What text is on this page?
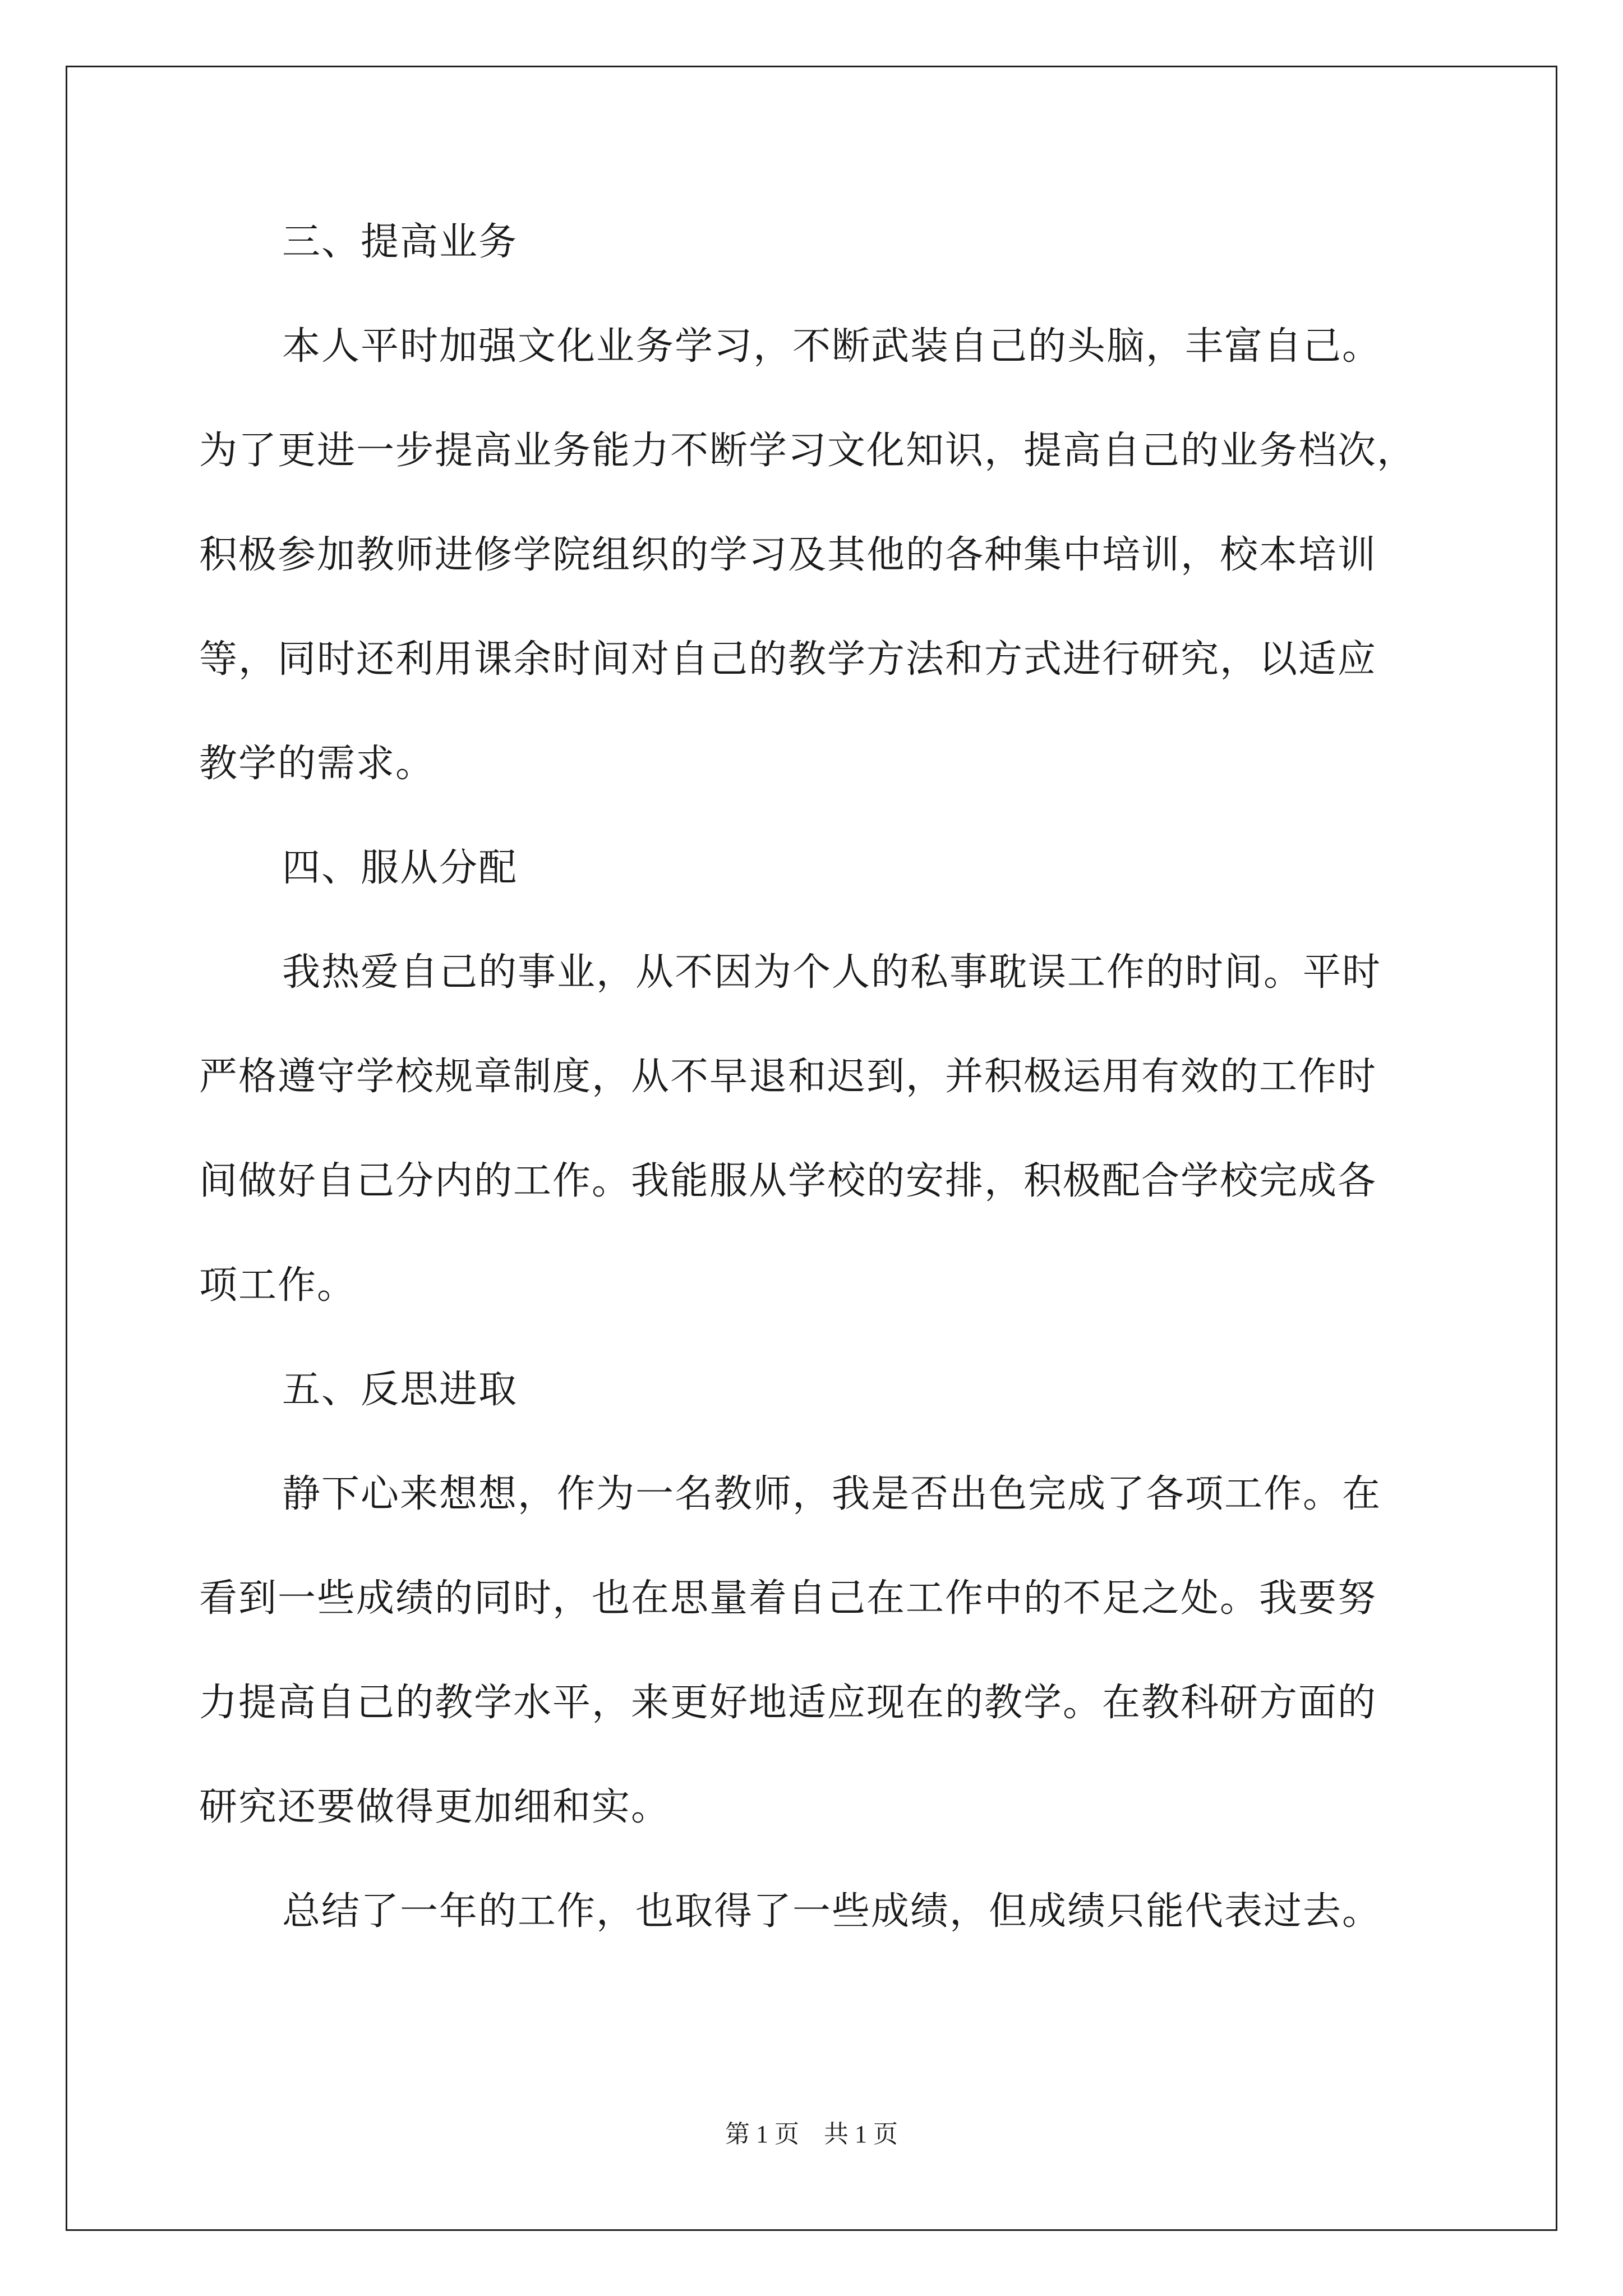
三、提高业务
本人平时加强文化业务学习，不断武装自己的头脑，丰富自己。
为了更进一步提高业务能力不断学习文化知识，提高自己的业务档次，
积极参加教师进修学院组织的学习及其他的各种集中培训，校本培训
等，同时还利用课余时间对自己的教学方法和方式进行研究，以适应
教学的需求。
四、服从分配
我热爱自己的事业，从不因为个人的私事耽误工作的时间。平时
严格遵守学校规章制度，从不早退和迟到，并积极运用有效的工作时
间做好自己分内的工作。我能服从学校的安排，积极配合学校完成各
项工作。
五、反思进取
静下心来想想，作为一名教师，我是否出色完成了各项工作。在
看到一些成绩的同时，也在思量着自己在工作中的不足之处。我要努
力提高自己的教学水平，来更好地适应现在的教学。在教科研方面的
研究还要做得更加细和实。
总结了一年的工作，也取得了一些成绩，但成绩只能代表过去。
第 1 页　共 1 页
